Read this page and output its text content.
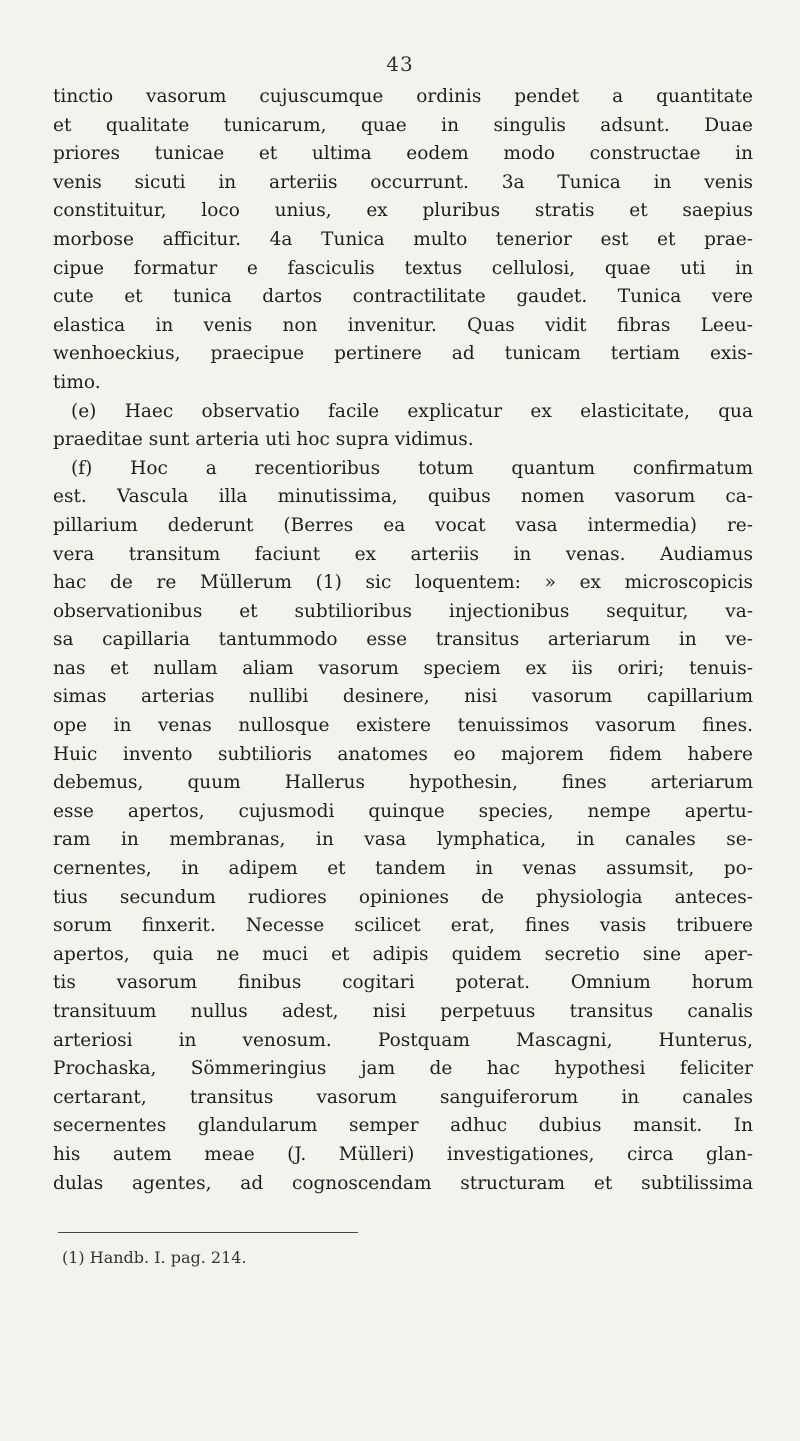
43
tinctio vasorum cujuscumque ordinis pendet a quantitate
et qualitate tunicarum, quae in singulis adsunt. Duae
priores tunicae et ultima eodem modo constructae in
venis sicuti in arteriis occurrunt. 3a Tunica in venis
constituitur, loco unius, ex pluribus stratis et saepius
morbose afficitur. 4a Tunica multo tenerior est et prae-
cipue formatur e fasciculis textus cellulosi, quae uti in
cute et tunica dartos contractilitate gaudet. Tunica vere
elastica in venis non invenitur. Quas vidit fibras Leeu-
wenhoeckius, praecipue pertinere ad tunicam tertiam exis-
timo.
(e) Haec observatio facile explicatur ex elasticitate, qua
praeditae sunt arteria uti hoc supra vidimus.
(f) Hoc a recentioribus totum quantum confirmatum
est. Vascula illa minutissima, quibus nomen vasorum ca-
pillarium dederunt (Berres ea vocat vasa intermedia) re-
vera transitum faciunt ex arteriis in venas. Audiamus
hac de re Müllerum (1) sic loquentem: » ex microscopicis
observationibus et subtilioribus injectionibus sequitur, va-
sa capillaria tantummodo esse transitus arteriarum in ve-
nas et nullam aliam vasorum speciem ex iis oriri; tenuis-
simas arterias nullibi desinere, nisi vasorum capillarium
ope in venas nullosque existere tenuissimos vasorum fines.
Huic invento subtilioris anatomes eo majorem fidem habere
debemus, quum Hallerus hypothesin, fines arteriarum
esse apertos, cujusmodi quinque species, nempe apertu-
ram in membranas, in vasa lymphatica, in canales se-
cernentes, in adipem et tandem in venas assumsit, po-
tius secundum rudiores opiniones de physiologia anteces-
sorum finxerit. Necesse scilicet erat, fines vasis tribuere
apertos, quia ne muci et adipis quidem secretio sine aper-
tis vasorum finibus cogitari poterat. Omnium horum
transituum nullus adest, nisi perpetuus transitus canalis
arteriosi in venosum. Postquam Mascagni, Hunterus,
Prochaska, Sömmeringius jam de hac hypothesi feliciter
certarant, transitus vasorum sanguiferorum in canales
secernentes glandularum semper adhuc dubius mansit. In
his autem meae (J. Mülleri) investigationes, circa glan-
dulas agentes, ad cognoscendam structuram et subtilissima
(1) Handb. I. pag. 214.
